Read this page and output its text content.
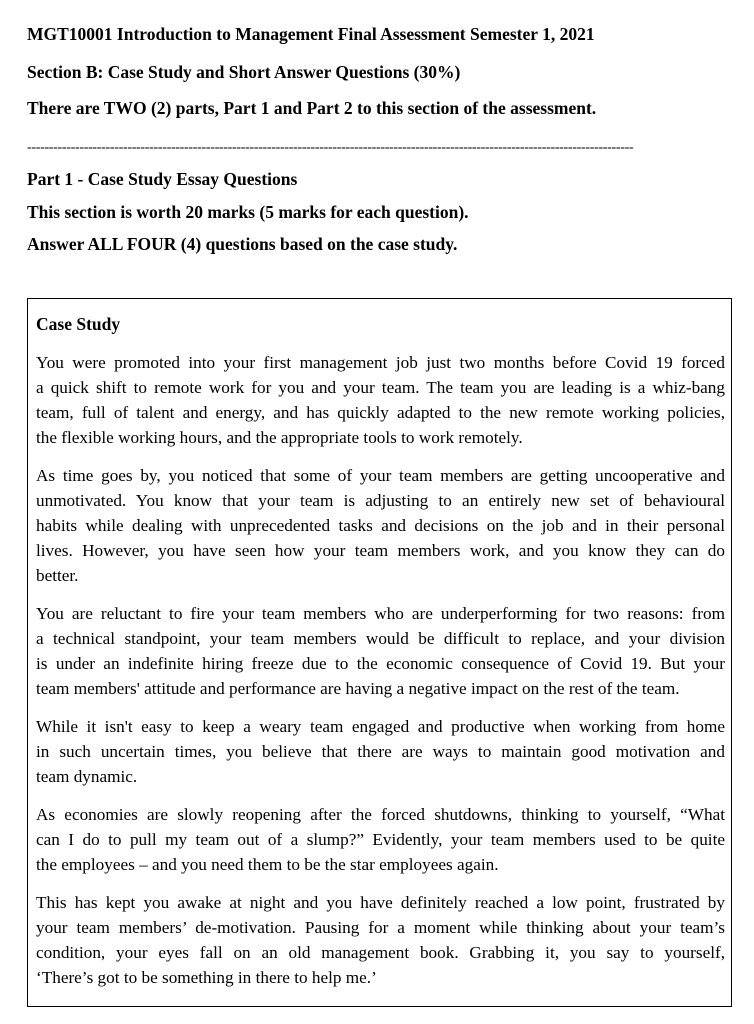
MGT10001 Introduction to Management Final Assessment Semester 1, 2021
Section B: Case Study and Short Answer Questions (30%)
There are TWO (2) parts, Part 1 and Part 2 to this section of the assessment.
-------------------------------------------------------------------------------------------------------------------------------------------
Part 1 - Case Study Essay Questions
This section is worth 20 marks (5 marks for each question).
Answer ALL FOUR (4) questions based on the case study.
Case Study
You were promoted into your first management job just two months before Covid 19 forced
a quick shift to remote work for you and your team. The team you are leading is a whiz-bang
team, full of talent and energy, and has quickly adapted to the new remote working policies,
the flexible working hours, and the appropriate tools to work remotely.
As time goes by, you noticed that some of your team members are getting uncooperative and
unmotivated. You know that your team is adjusting to an entirely new set of behavioural
habits while dealing with unprecedented tasks and decisions on the job and in their personal
lives. However, you have seen how your team members work, and you know they can do
better.
You are reluctant to fire your team members who are underperforming for two reasons: from
a technical standpoint, your team members would be difficult to replace, and your division
is under an indefinite hiring freeze due to the economic consequence of Covid 19. But your
team members' attitude and performance are having a negative impact on the rest of the team.
While it isn't easy to keep a weary team engaged and productive when working from home
in such uncertain times, you believe that there are ways to maintain good motivation and
team dynamic.
As economies are slowly reopening after the forced shutdowns, thinking to yourself, “What
can I do to pull my team out of a slump?” Evidently, your team members used to be quite
the employees – and you need them to be the star employees again.
This has kept you awake at night and you have definitely reached a low point, frustrated by
your team members’ de-motivation. Pausing for a moment while thinking about your team’s
condition, your eyes fall on an old management book. Grabbing it, you say to yourself,
‘There’s got to be something in there to help me.’
